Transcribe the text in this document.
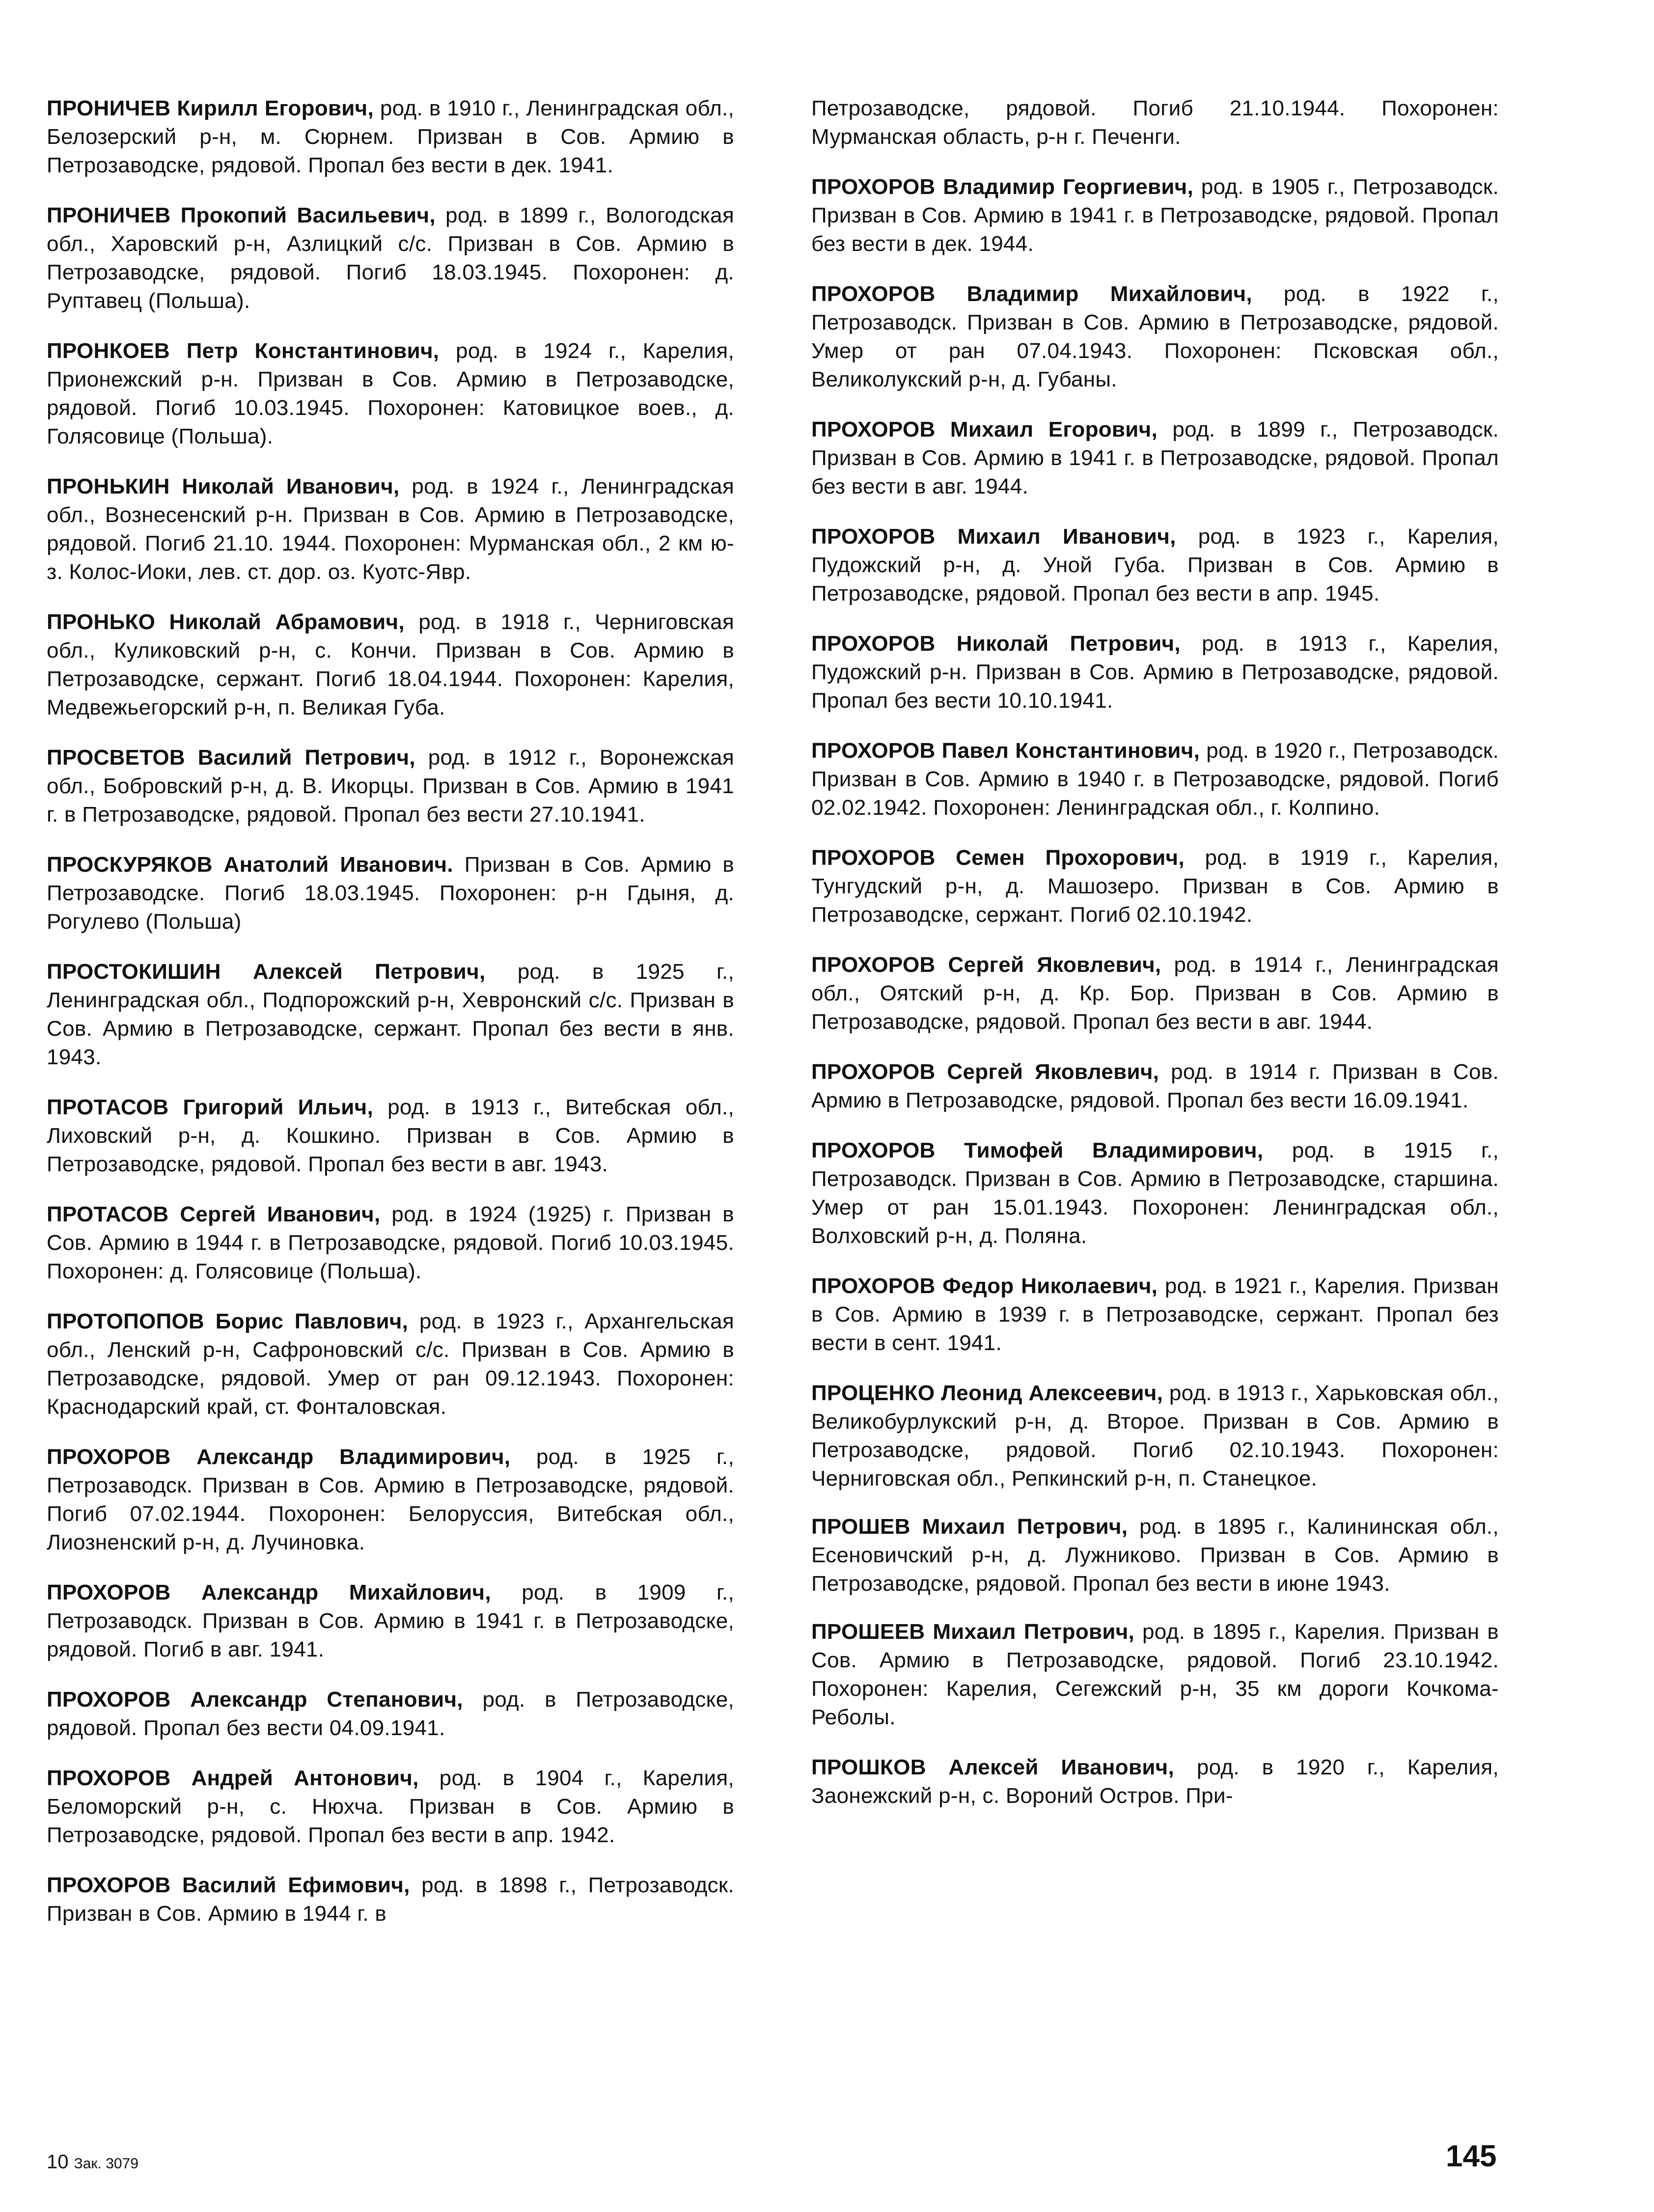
ПРОНИЧЕВ Кирилл Егорович, род. в 1910 г., Ленинградская обл., Белозерский р-н, м. Сюрнем. Призван в Сов. Армию в Петрозаводске, рядовой. Пропал без вести в дек. 1941.

ПРОНИЧЕВ Прокопий Васильевич, род. в 1899 г., Вологодская обл., Харовский р-н, Азлицкий с/с. Призван в Сов. Армию в Петрозаводске, рядовой. Погиб 18.03.1945. Похоронен: д. Руптавец (Польша).

ПРОНКОЕВ Петр Константинович, род. в 1924 г., Карелия, Прионежский р-н. Призван в Сов. Армию в Петрозаводске, рядовой. Погиб 10.03.1945. Похоронен: Катовицкое воев., д. Голясовице (Польша).

ПРОНЬКИН Николай Иванович, род. в 1924 г., Ленинградская обл., Вознесенский р-н. Призван в Сов. Армию в Петрозаводске, рядовой. Погиб 21.10. 1944. Похоронен: Мурманская обл., 2 км ю-з. Колос-Иоки, лев. ст. дор. оз. Куотс-Явр.

ПРОНЬКО Николай Абрамович, род. в 1918 г., Черниговская обл., Куликовский р-н, с. Кончи. Призван в Сов. Армию в Петрозаводске, сержант. Погиб 18.04.1944. Похоронен: Карелия, Медвежьегорский р-н, п. Великая Губа.

ПРОСВЕТОВ Василий Петрович, род. в 1912 г., Воронежская обл., Бобровский р-н, д. В. Икорцы. Призван в Сов. Армию в 1941 г. в Петрозаводске, рядовой. Пропал без вести 27.10.1941.

ПРОСКУРЯКОВ Анатолий Иванович. Призван в Сов. Армию в Петрозаводске. Погиб 18.03.1945. Похоронен: р-н Гдыня, д. Рогулево (Польша)

ПРОСТОКИШИН Алексей Петрович, род. в 1925 г., Ленинградская обл., Подпорожский р-н, Хевронский с/с. Призван в Сов. Армию в Петрозаводске, сержант. Пропал без вести в янв. 1943.

ПРОТАСОВ Григорий Ильич, род. в 1913 г., Витебская обл., Лиховский р-н, д. Кошкино. Призван в Сов. Армию в Петрозаводске, рядовой. Пропал без вести в авг. 1943.

ПРОТАСОВ Сергей Иванович, род. в 1924 (1925) г. Призван в Сов. Армию в 1944 г. в Петрозаводске, рядовой. Погиб 10.03.1945. Похоронен: д. Голясовице (Польша).

ПРОТОПОПОВ Борис Павлович, род. в 1923 г., Архангельская обл., Ленский р-н, Сафроновский с/с. Призван в Сов. Армию в Петрозаводске, рядовой. Умер от ран 09.12.1943. Похоронен: Краснодарский край, ст. Фонталовская.

ПРОХОРОВ Александр Владимирович, род. в 1925 г., Петрозаводск. Призван в Сов. Армию в Петрозаводске, рядовой. Погиб 07.02.1944. Похоронен: Белоруссия, Витебская обл., Лиозненский р-н, д. Лучиновка.

ПРОХОРОВ Александр Михайлович, род. в 1909 г., Петрозаводск. Призван в Сов. Армию в 1941 г. в Петрозаводске, рядовой. Погиб в авг. 1941.

ПРОХОРОВ Александр Степанович, род. в Петрозаводске, рядовой. Пропал без вести 04.09.1941.

ПРОХОРОВ Андрей Антонович, род. в 1904 г., Карелия, Беломорский р-н, с. Нюхча. Призван в Сов. Армию в Петрозаводске, рядовой. Пропал без вести в апр. 1942.

ПРОХОРОВ Василий Ефимович, род. в 1898 г., Петрозаводск. Призван в Сов. Армию в 1944 г. в

Петрозаводске, рядовой. Погиб 21.10.1944. Похоронен: Мурманская область, р-н г. Печенги.

ПРОХОРОВ Владимир Георгиевич, род. в 1905 г., Петрозаводск. Призван в Сов. Армию в 1941 г. в Петрозаводске, рядовой. Пропал без вести в дек. 1944.

ПРОХОРОВ Владимир Михайлович, род. в 1922 г., Петрозаводск. Призван в Сов. Армию в Петрозаводске, рядовой. Умер от ран 07.04.1943. Похоронен: Псковская обл., Великолукский р-н, д. Губаны.

ПРОХОРОВ Михаил Егорович, род. в 1899 г., Петрозаводск. Призван в Сов. Армию в 1941 г. в Петрозаводске, рядовой. Пропал без вести в авг. 1944.

ПРОХОРОВ Михаил Иванович, род. в 1923 г., Карелия, Пудожский р-н, д. Уной Губа. Призван в Сов. Армию в Петрозаводске, рядовой. Пропал без вести в апр. 1945.

ПРОХОРОВ Николай Петрович, род. в 1913 г., Карелия, Пудожский р-н. Призван в Сов. Армию в Петрозаводске, рядовой. Пропал без вести 10.10.1941.

ПРОХОРОВ Павел Константинович, род. в 1920 г., Петрозаводск. Призван в Сов. Армию в 1940 г. в Петрозаводске, рядовой. Погиб 02.02.1942. Похоронен: Ленинградская обл., г. Колпино.

ПРОХОРОВ Семен Прохорович, род. в 1919 г., Карелия, Тунгудский р-н, д. Машозеро. Призван в Сов. Армию в Петрозаводске, сержант. Погиб 02.10.1942.

ПРОХОРОВ Сергей Яковлевич, род. в 1914 г., Ленинградская обл., Оятский р-н, д. Кр. Бор. Призван в Сов. Армию в Петрозаводске, рядовой. Пропал без вести в авг. 1944.

ПРОХОРОВ Сергей Яковлевич, род. в 1914 г. Призван в Сов. Армию в Петрозаводске, рядовой. Пропал без вести 16.09.1941.

ПРОХОРОВ Тимофей Владимирович, род. в 1915 г., Петрозаводск. Призван в Сов. Армию в Петрозаводске, старшина. Умер от ран 15.01.1943. Похоронен: Ленинградская обл., Волховский р-н, д. Поляна.

ПРОХОРОВ Федор Николаевич, род. в 1921 г., Карелия. Призван в Сов. Армию в 1939 г. в Петрозаводске, сержант. Пропал без вести в сент. 1941.

ПРОЦЕНКО Леонид Алексеевич, род. в 1913 г., Харьковская обл., Великобурлукский р-н, д. Второе. Призван в Сов. Армию в Петрозаводске, рядовой. Погиб 02.10.1943. Похоронен: Черниговская обл., Репкинский р-н, п. Станецкое.

ПРОШЕВ Михаил Петрович, род. в 1895 г., Калининская обл., Есеновичский р-н, д. Лужниково. Призван в Сов. Армию в Петрозаводске, рядовой. Пропал без вести в июне 1943.

ПРОШЕЕВ Михаил Петрович, род. в 1895 г., Карелия. Призван в Сов. Армию в Петрозаводске, рядовой. Погиб 23.10.1942. Похоронен: Карелия, Сегежский р-н, 35 км дороги Кочкома-Реболы.

ПРОШКОВ Алексей Иванович, род. в 1920 г., Карелия, Заонежский р-н, с. Вороний Остров. При-

10 Зак. 3079	145
